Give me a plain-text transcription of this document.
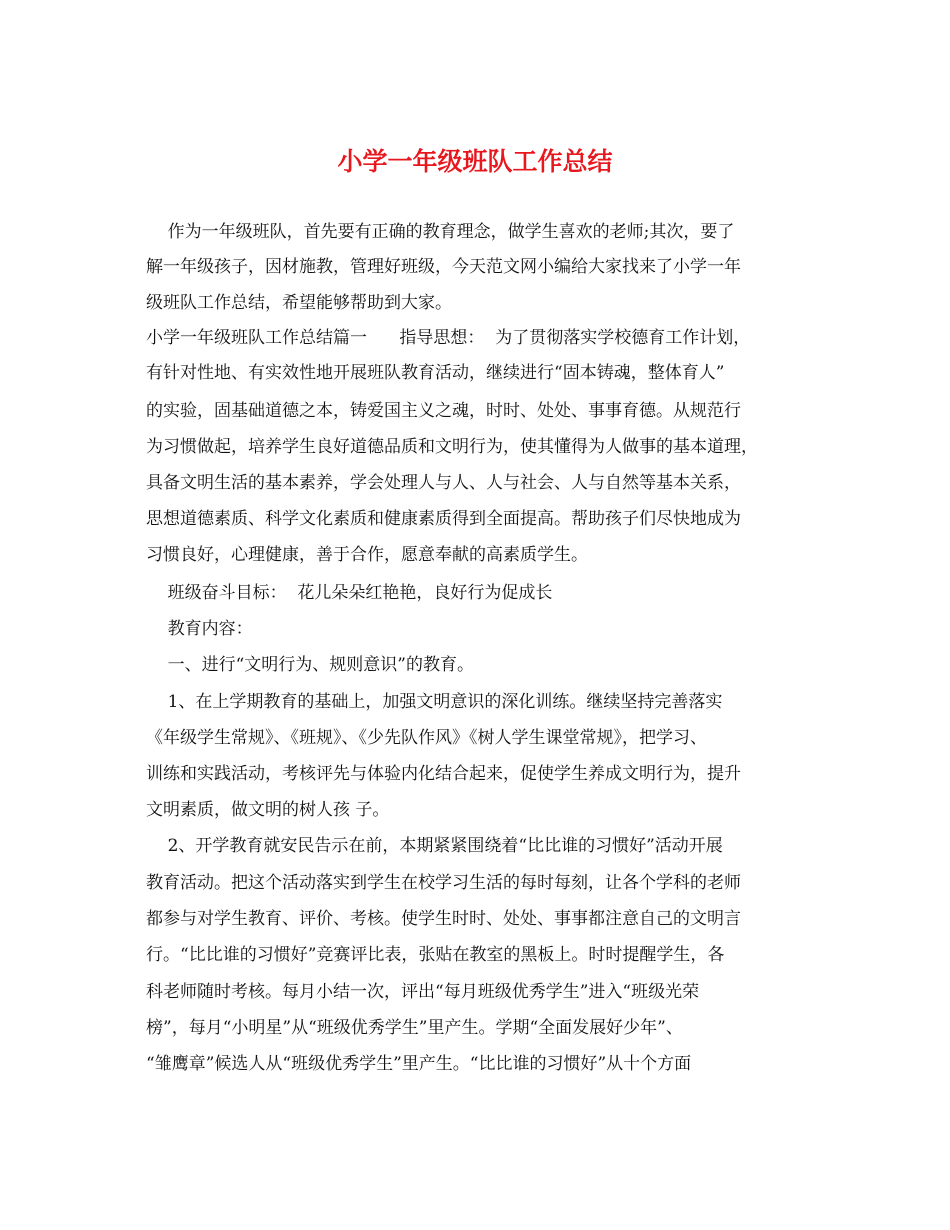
小学一年级班队工作总结

作为一年级班队，首先要有正确的教育理念，做学生喜欢的老师;其次，要了

解一年级孩子，因材施教，管理好班级，今天范文网小编给大家找来了小学一年

级班队工作总结，希望能够帮助到大家。

小学一年级班队工作总结篇一      指导思想：  为了贯彻落实学校德育工作计划，

有针对性地、有实效性地开展班队教育活动，继续进行“固本铸魂，整体育人”

的实验，固基础道德之本，铸爱国主义之魂，时时、处处、事事育德。从规范行

为习惯做起，培养学生良好道德品质和文明行为，使其懂得为人做事的基本道理，

具备文明生活的基本素养，学会处理人与人、人与社会、人与自然等基本关系，

思想道德素质、科学文化素质和健康素质得到全面提高。帮助孩子们尽快地成为

习惯良好，心理健康，善于合作，愿意奉献的高素质学生。

班级奋斗目标：  花儿朵朵红艳艳，良好行为促成长

教育内容：

一、进行“文明行为、规则意识”的教育。

1、在上学期教育的基础上，加强文明意识的深化训练。继续坚持完善落实

《年级学生常规》、《班规》、《少先队作风》《树人学生课堂常规》，把学习、

训练和实践活动，考核评先与体验内化结合起来，促使学生养成文明行为，提升

文明素质，做文明的树人孩 子。

2、开学教育就安民告示在前，本期紧紧围绕着“比比谁的习惯好”活动开展

教育活动。把这个活动落实到学生在校学习生活的每时每刻，让各个学科的老师

都参与对学生教育、评价、考核。使学生时时、处处、事事都注意自己的文明言

行。“比比谁的习惯好”竞赛评比表，张贴在教室的黑板上。时时提醒学生，各

科老师随时考核。每月小结一次，评出“每月班级优秀学生”进入“班级光荣

榜”，每月“小明星”从“班级优秀学生”里产生。学期“全面发展好少年”、

“雏鹰章”候选人从“班级优秀学生”里产生。“比比谁的习惯好”从十个方面
